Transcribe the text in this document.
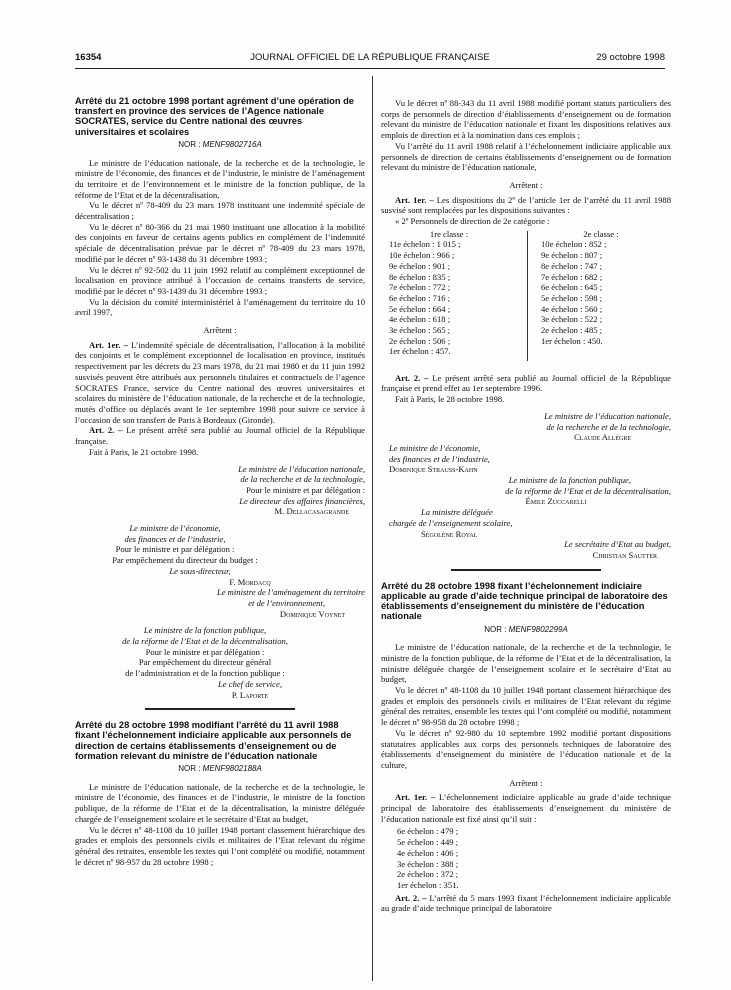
16354	JOURNAL OFFICIEL DE LA RÉPUBLIQUE FRANÇAISE	29 octobre 1998
Arrêté du 21 octobre 1998 portant agrément d’une opération de transfert en province des services de l’Agence nationale SOCRATES, service du Centre national des œuvres universitaires et scolaires
NOR : MENF9802716A

Le ministre de l’éducation nationale, de la recherche et de la technologie, le ministre de l’économie, des finances et de l’industrie, le ministre de l’aménagement du territoire et de l’environnement et le ministre de la fonction publique, de la réforme de l’Etat et de la décentralisation,

Vu le décret nº 78-409 du 23 mars 1978 instituant une indemnité spéciale de décentralisation ;

Vu le décret nº 80-366 du 21 mai 1980 instituant une allocation à la mobilité des conjoints en faveur de certains agents publics en complément de l’indemnité spéciale de décentralisation prévue par le décret nº 78-409 du 23 mars 1978, modifié par le décret nº 93-1438 du 31 décembre 1993 ;

Vu le décret nº 92-502 du 11 juin 1992 relatif au complément exceptionnel de localisation en province attribué à l’occasion de certains transferts de service, modifié par le décret nº 93-1439 du 31 décembre 1993 ;

Vu la décision du comité interministériel à l’aménagement du territoire du 10 avril 1997,

Arrêtent :

Art. 1er. – L’indemnité spéciale de décentralisation, l’allocation à la mobilité des conjoints et le complément exceptionnel de localisation en province, institués respectivement par les décrets du 23 mars 1978, du 21 mai 1980 et du 11 juin 1992 susvisés peuvent être attribués aux personnels titulaires et contractuels de l’agence SOCRATES France, service du Centre national des œuvres universitaires et scolaires du ministère de l’éducation nationale, de la recherche et de la technologie, mutés d’office ou déplacés avant le 1er septembre 1998 pour suivre ce service à l’occasion de son transfert de Paris à Bordeaux (Gironde).

Art. 2. – Le présent arrêté sera publié au Journal officiel de la République française.

Fait à Paris, le 21 octobre 1998.

Le ministre de l’éducation nationale,
de la recherche et de la technologie,
Pour le ministre et par délégation :
Le directeur des affaires financières,
M. Dellacasagrande
Le ministre de l’économie,
des finances et de l’industrie,
Pour le ministre et par délégation :
Par empêchement du directeur du budget :
Le sous-directeur,
F. Mordacq
Le ministre de l’aménagement du territoire
et de l’environnement,
Dominique Voynet
Le ministre de la fonction publique,
de la réforme de l’Etat et de la décentralisation,
Pour le ministre et par délégation :
Par empêchement du directeur général
de l’administration et de la fonction publique :
Le chef de service,
P. Laporte
Arrêté du 28 octobre 1998 modifiant l’arrêté du 11 avril 1988 fixant l’échelonnement indiciaire applicable aux personnels de direction de certains établissements d’enseignement ou de formation relevant du ministre de l’éducation nationale
NOR : MENF9802188A

Le ministre de l’éducation nationale, de la recherche et de la technologie, le ministre de l’économie, des finances et de l’industrie, le ministre de la fonction publique, de la réforme de l’Etat et de la décentralisation, la ministre déléguée chargée de l’enseignement scolaire et le secrétaire d’Etat au budget,

Vu le décret nº 48-1108 du 10 juillet 1948 portant classement hiérarchique des grades et emplois des personnels civils et militaires de l’Etat relevant du régime général des retraites, ensemble les textes qui l’ont complété ou modifié, notamment le décret nº 98-957 du 28 octobre 1998 ;

Vu le décret nº 88-343 du 11 avril 1988 modifié portant statuts particuliers des corps de personnels de direction d’établissements d’enseignement ou de formation relevant du ministre de l’éducation nationale et fixant les dispositions relatives aux emplois de direction et à la nomination dans ces emplois ;

Vu l’arrêté du 11 avril 1988 relatif à l’échelonnement indiciaire applicable aux personnels de direction de certains établissements d’enseignement ou de formation relevant du ministre de l’éducation nationale,

Arrêtent :

Art. 1er. – Les dispositions du 2º de l’article 1er de l’arrêté du 11 avril 1988 susvisé sont remplacées par les dispositions suivantes :

« 2º Personnels de direction de 2e catégorie :

1re classe :
11e échelon : 1 015 ;
10e échelon : 966 ;
9e échelon : 901 ;
8e échelon : 835 ;
7e échelon : 772 ;
6e échelon : 716 ;
5e échelon : 664 ;
4e échelon : 618 ;
3e échelon : 565 ;
2e échelon : 506 ;
1er échelon : 457.
2e classe :
10e échelon : 852 ;
9e échelon : 807 ;
8e échelon : 747 ;
7e échelon : 682 ;
6e échelon : 645 ;
5e échelon : 598 ;
4e échelon : 560 ;
3e échelon : 522 ;
2e échelon : 485 ;
1er échelon : 450.

Art. 2. – Le présent arrêté sera publié au Journal officiel de la République française et prend effet au 1er septembre 1996.

Fait à Paris, le 28 octobre 1998.

Le ministre de l’éducation nationale,
de la recherche et de la technologie,
Claude Allègre
Le ministre de l’économie,
des finances et de l’industrie,
Dominique Strauss-Kahn
Le ministre de la fonction publique,
de la réforme de l’Etat et de la décentralisation,
Émile Zuccarelli
La ministre déléguée
chargée de l’enseignement scolaire,
Ségolène Royal
Le secrétaire d’Etat au budget,
Christian Sautter
Arrêté du 28 octobre 1998 fixant l’échelonnement indiciaire applicable au grade d’aide technique principal de laboratoire des établissements d’enseignement du ministère de l’éducation nationale
NOR : MENF9802299A

Le ministre de l’éducation nationale, de la recherche et de la technologie, le ministre de la fonction publique, de la réforme de l’Etat et de la décentralisation, la ministre déléguée chargée de l’enseignement scolaire et le secrétaire d’Etat au budget,

Vu le décret nº 48-1108 du 10 juillet 1948 portant classement hiérarchique des grades et emplois des personnels civils et militaires de l’Etat relevant du régime général des retraites, ensemble les textes qui l’ont complété ou modifié, notamment le décret nº 98-958 du 28 octobre 1998 ;

Vu le décret nº 92-980 du 10 septembre 1992 modifié portant dispositions statutaires applicables aux corps des personnels techniques de laboratoire des établissements d’enseignement du ministère de l’éducation nationale et de la culture,

Arrêtent :

Art. 1er. – L’échelonnement indiciaire applicable au grade d’aide technique principal de laboratoire des établissements d’enseignement du ministère de l’éducation nationale est fixé ainsi qu’il suit :

6e échelon : 479 ;
5e échelon : 449 ;
4e échelon : 406 ;
3e échelon : 388 ;
2e échelon : 372 ;
1er échelon : 351.

Art. 2. – L’arrêté du 5 mars 1993 fixant l’échelonnement indiciaire applicable au grade d’aide technique principal de laboratoire
